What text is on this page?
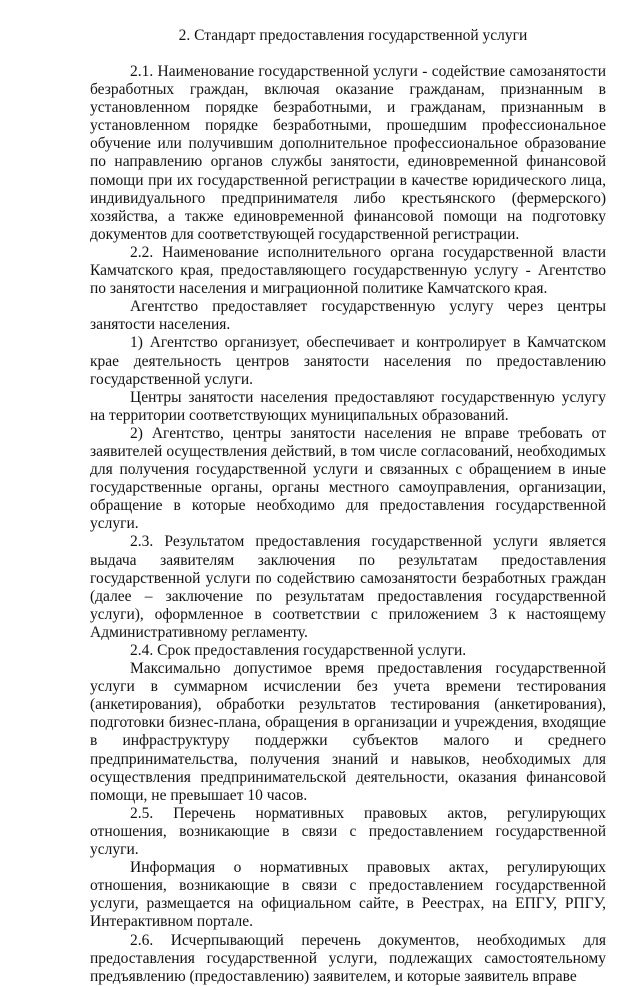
2. Стандарт предоставления государственной услуги

2.1. Наименование государственной услуги - содействие самозанятости безработных граждан, включая оказание гражданам, признанным в установленном порядке безработными, и гражданам, признанным в установленном порядке безработными, прошедшим профессиональное обучение или получившим дополнительное профессиональное образование по направлению органов службы занятости, единовременной финансовой помощи при их государственной регистрации в качестве юридического лица, индивидуального предпринимателя либо крестьянского (фермерского) хозяйства, а также единовременной финансовой помощи на подготовку документов для соответствующей государственной регистрации.

2.2. Наименование исполнительного органа государственной власти Камчатского края, предоставляющего государственную услугу - Агентство по занятости населения и миграционной политике Камчатского края.

Агентство предоставляет государственную услугу через центры занятости населения.

1) Агентство организует, обеспечивает и контролирует в Камчатском крае деятельность центров занятости населения по предоставлению государственной услуги.

Центры занятости населения предоставляют государственную услугу на территории соответствующих муниципальных образований.

2) Агентство, центры занятости населения не вправе требовать от заявителей осуществления действий, в том числе согласований, необходимых для получения государственной услуги и связанных с обращением в иные государственные органы, органы местного самоуправления, организации, обращение в которые необходимо для предоставления государственной услуги.

2.3. Результатом предоставления государственной услуги является выдача заявителям заключения по результатам предоставления государственной услуги по содействию самозанятости безработных граждан (далее – заключение по результатам предоставления государственной услуги), оформленное в соответствии с приложением 3 к настоящему Административному регламенту.

2.4. Срок предоставления государственной услуги.

Максимально допустимое время предоставления государственной услуги в суммарном исчислении без учета времени тестирования (анкетирования), обработки результатов тестирования (анкетирования), подготовки бизнес-плана, обращения в организации и учреждения, входящие в инфраструктуру поддержки субъектов малого и среднего предпринимательства, получения знаний и навыков, необходимых для осуществления предпринимательской деятельности, оказания финансовой помощи, не превышает 10 часов.

2.5. Перечень нормативных правовых актов, регулирующих отношения, возникающие в связи с предоставлением государственной услуги.

Информация о нормативных правовых актах, регулирующих отношения, возникающие в связи с предоставлением государственной услуги, размещается на официальном сайте, в Реестрах, на ЕПГУ, РПГУ, Интерактивном портале.

2.6. Исчерпывающий перечень документов, необходимых для предоставления государственной услуги, подлежащих самостоятельному предъявлению (предоставлению) заявителем, и которые заявитель вправе
